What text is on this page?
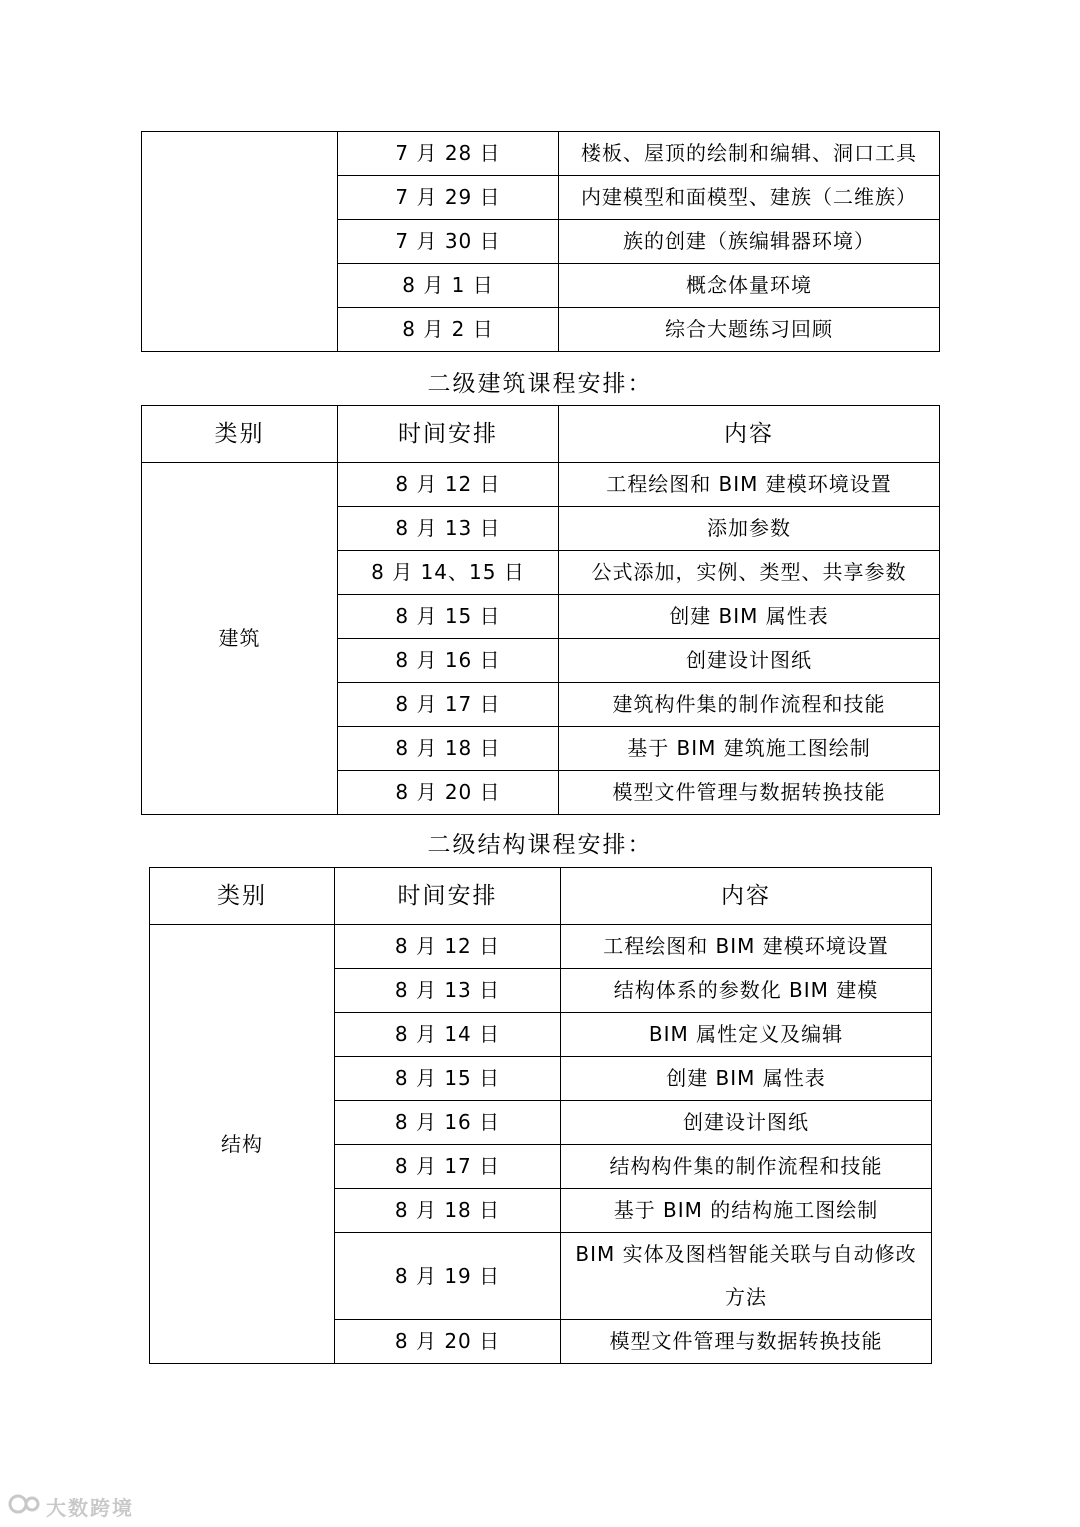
	7 月 28 日	楼板、屋顶的绘制和编辑、洞口工具
	7 月 29 日	内建模型和面模型、建族（二维族）
	7 月 30 日	族的创建（族编辑器环境）
	8 月 1 日	概念体量环境
	8 月 2 日	综合大题练习回顾
二级建筑课程安排：
类别	时间安排	内容
建筑	8 月 12 日	工程绘图和 BIM 建模环境设置
	8 月 13 日	添加参数
	8 月 14、15 日	公式添加，实例、类型、共享参数
	8 月 15 日	创建 BIM 属性表
	8 月 16 日	创建设计图纸
	8 月 17 日	建筑构件集的制作流程和技能
	8 月 18 日	基于 BIM 建筑施工图绘制
	8 月 20 日	模型文件管理与数据转换技能
二级结构课程安排：
类别	时间安排	内容
结构	8 月 12 日	工程绘图和 BIM 建模环境设置
	8 月 13 日	结构体系的参数化 BIM 建模
	8 月 14 日	BIM 属性定义及编辑
	8 月 15 日	创建 BIM 属性表
	8 月 16 日	创建设计图纸
	8 月 17 日	结构构件集的制作流程和技能
	8 月 18 日	基于 BIM 的结构施工图绘制
	8 月 19 日	BIM 实体及图档智能关联与自动修改方法
	8 月 20 日	模型文件管理与数据转换技能
大数跨境
